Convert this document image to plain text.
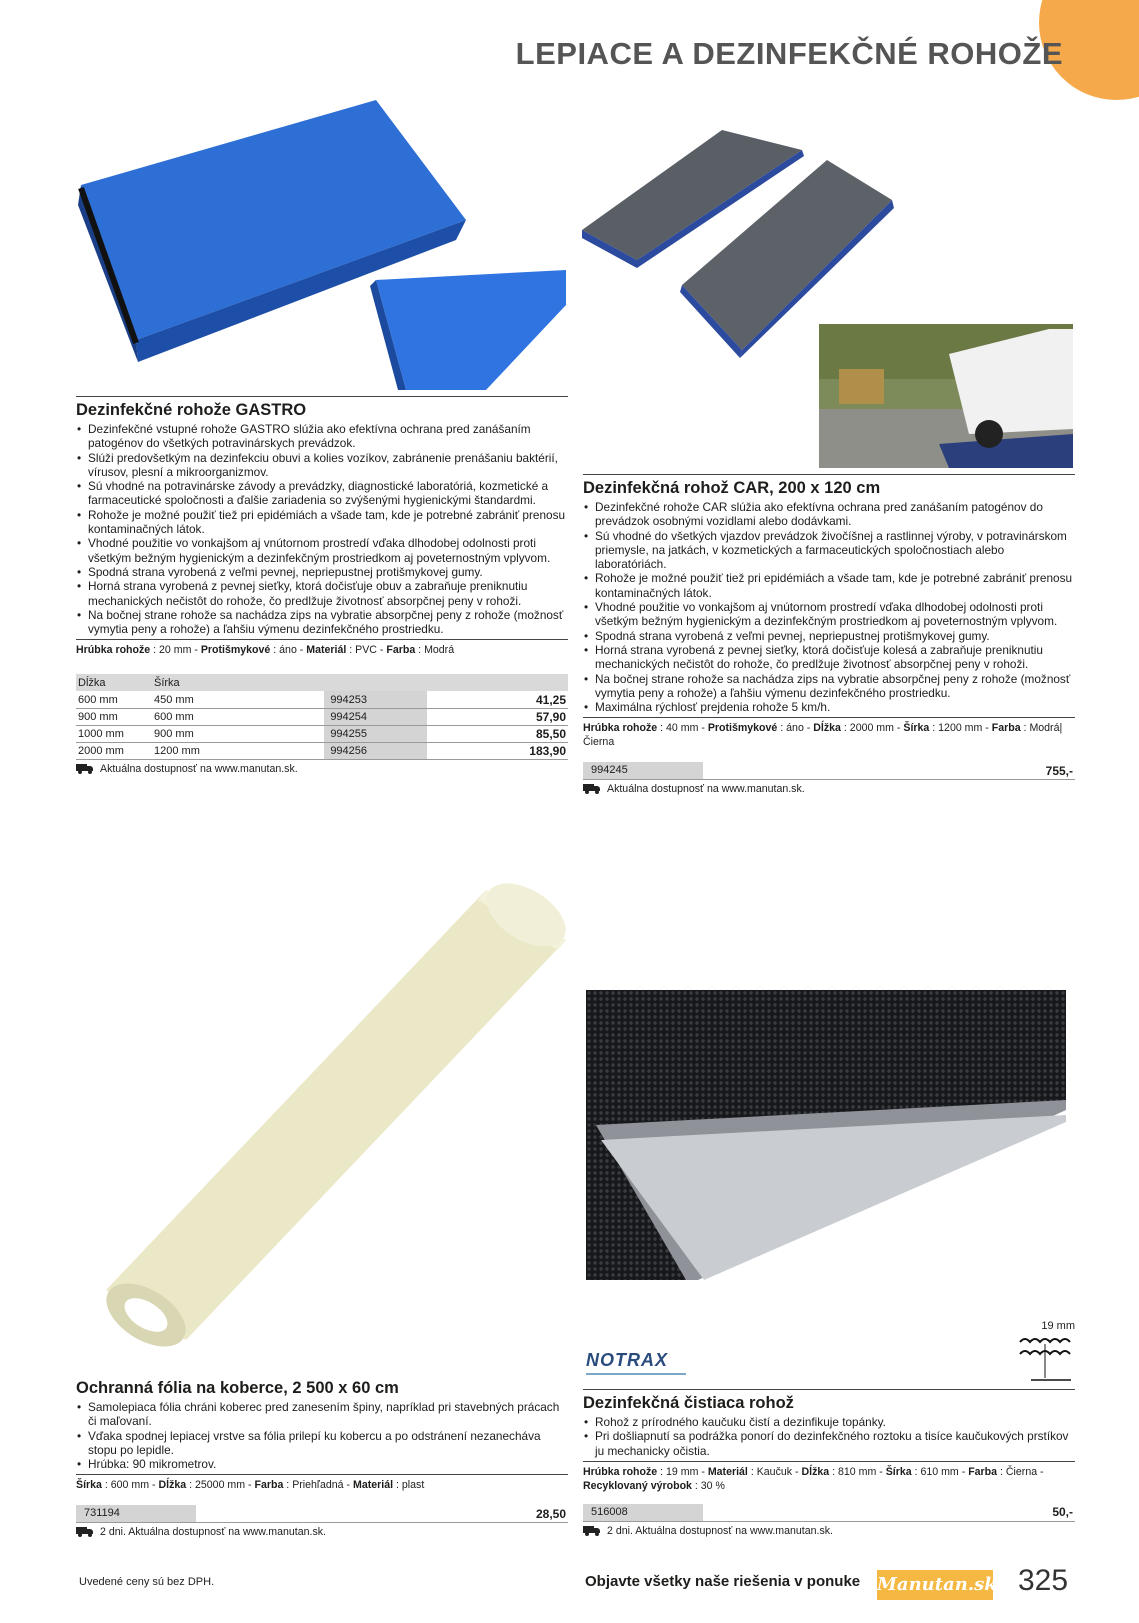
LEPIACE A DEZINFEKČNÉ ROHOŽE
Dezinfekčné rohože GASTRO
• Dezinfekčné vstupné rohože GASTRO slúžia ako efektívna ochrana pred zanášaním patogénov do všetkých potravinárskych prevádzok.
• Slúži predovšetkým na dezinfekciu obuvi a kolies vozíkov, zabránenie prenášaniu baktérií, vírusov, plesní a mikroorganizmov.
• Sú vhodné na potravinárske závody a prevádzky, diagnostické laboratóriá, kozmetické a farmaceutické spoločnosti a ďalšie zariadenia so zvýšenými hygienickými štandardmi.
• Rohože je možné použiť tiež pri epidémiách a všade tam, kde je potrebné zabrániť prenosu kontaminačných látok.
• Vhodné použitie vo vonkajšom aj vnútornom prostredí vďaka dlhodobej odolnosti proti všetkým bežným hygienickým a dezinfekčným prostriedkom aj poveternostným vplyvom.
• Spodná strana vyrobená z veľmi pevnej, nepriepustnej protišmykovej gumy.
• Horná strana vyrobená z pevnej sieťky, ktorá dočisťuje obuv a zabraňuje preniknutiu mechanických nečistôt do rohože, čo predlžuje životnosť absorpčnej peny v rohoži.
• Na bočnej strane rohože sa nachádza zips na vybratie absorpčnej peny z rohože (možnosť vymytia peny a rohože) a ľahšiu výmenu dezinfekčného prostriedku.
Hrúbka rohože : 20 mm - Protišmykové : áno - Materiál : PVC - Farba : Modrá
Dĺžka	Šírka		
600 mm	450 mm	994253	41,25
900 mm	600 mm	994254	57,90
1000 mm	900 mm	994255	85,50
2000 mm	1200 mm	994256	183,90
Aktuálna dostupnosť na www.manutan.sk.
Dezinfekčná rohož CAR, 200 x 120 cm
• Dezinfekčné rohože CAR slúžia ako efektívna ochrana pred zanášaním patogénov do prevádzok osobnými vozidlami alebo dodávkami.
• Sú vhodné do všetkých vjazdov prevádzok živočíšnej a rastlinnej výroby, v potravinárskom priemysle, na jatkách, v kozmetických a farmaceutických spoločnostiach alebo laboratóriách.
• Rohože je možné použiť tiež pri epidémiách a všade tam, kde je potrebné zabrániť prenosu kontaminačných látok.
• Vhodné použitie vo vonkajšom aj vnútornom prostredí vďaka dlhodobej odolnosti proti všetkým bežným hygienickým a dezinfekčným prostriedkom aj poveternostným vplyvom.
• Spodná strana vyrobená z veľmi pevnej, nepriepustnej protišmykovej gumy.
• Horná strana vyrobená z pevnej sieťky, ktorá dočisťuje kolesá a zabraňuje preniknutiu mechanických nečistôt do rohože, čo predlžuje životnosť absorpčnej peny v rohoži.
• Na bočnej strane rohože sa nachádza zips na vybratie absorpčnej peny z rohože (možnosť vymytia peny a rohože) a ľahšiu výmenu dezinfekčného prostriedku.
• Maximálna rýchlosť prejdenia rohože 5 km/h.
Hrúbka rohože : 40 mm - Protišmykové : áno - Dĺžka : 2000 mm - Šírka : 1200 mm - Farba : Modrá|Čierna
994245	755,-
Aktuálna dostupnosť na www.manutan.sk.
NOTRAX
19 mm
Ochranná fólia na koberce, 2 500 x 60 cm
• Samolepiaca fólia chráni koberec pred zanesením špiny, napríklad pri stavebných prácach či maľovaní.
• Vďaka spodnej lepiacej vrstve sa fólia prilepí ku kobercu a po odstránení nezanecháva stopu po lepidle.
• Hrúbka: 90 mikrometrov.
Šírka : 600 mm - Dĺžka : 25000 mm - Farba : Priehľadná - Materiál : plast
731194	28,50
2 dni. Aktuálna dostupnosť na www.manutan.sk.
Dezinfekčná čistiaca rohož
• Rohož z prírodného kaučuku čistí a dezinfikuje topánky.
• Pri došliapnutí sa podrážka ponorí do dezinfekčného roztoku a tisíce kaučukových prstíkov ju mechanicky očistia.
Hrúbka rohože : 19 mm - Materiál : Kaučuk - Dĺžka : 810 mm - Šírka : 610 mm - Farba : Čierna - Recyklovaný výrobok : 30 %
516008	50,-
2 dni. Aktuálna dostupnosť na www.manutan.sk.
Uvedené ceny sú bez DPH.	Objavte všetky naše riešenia v ponuke Manutan.sk 325
